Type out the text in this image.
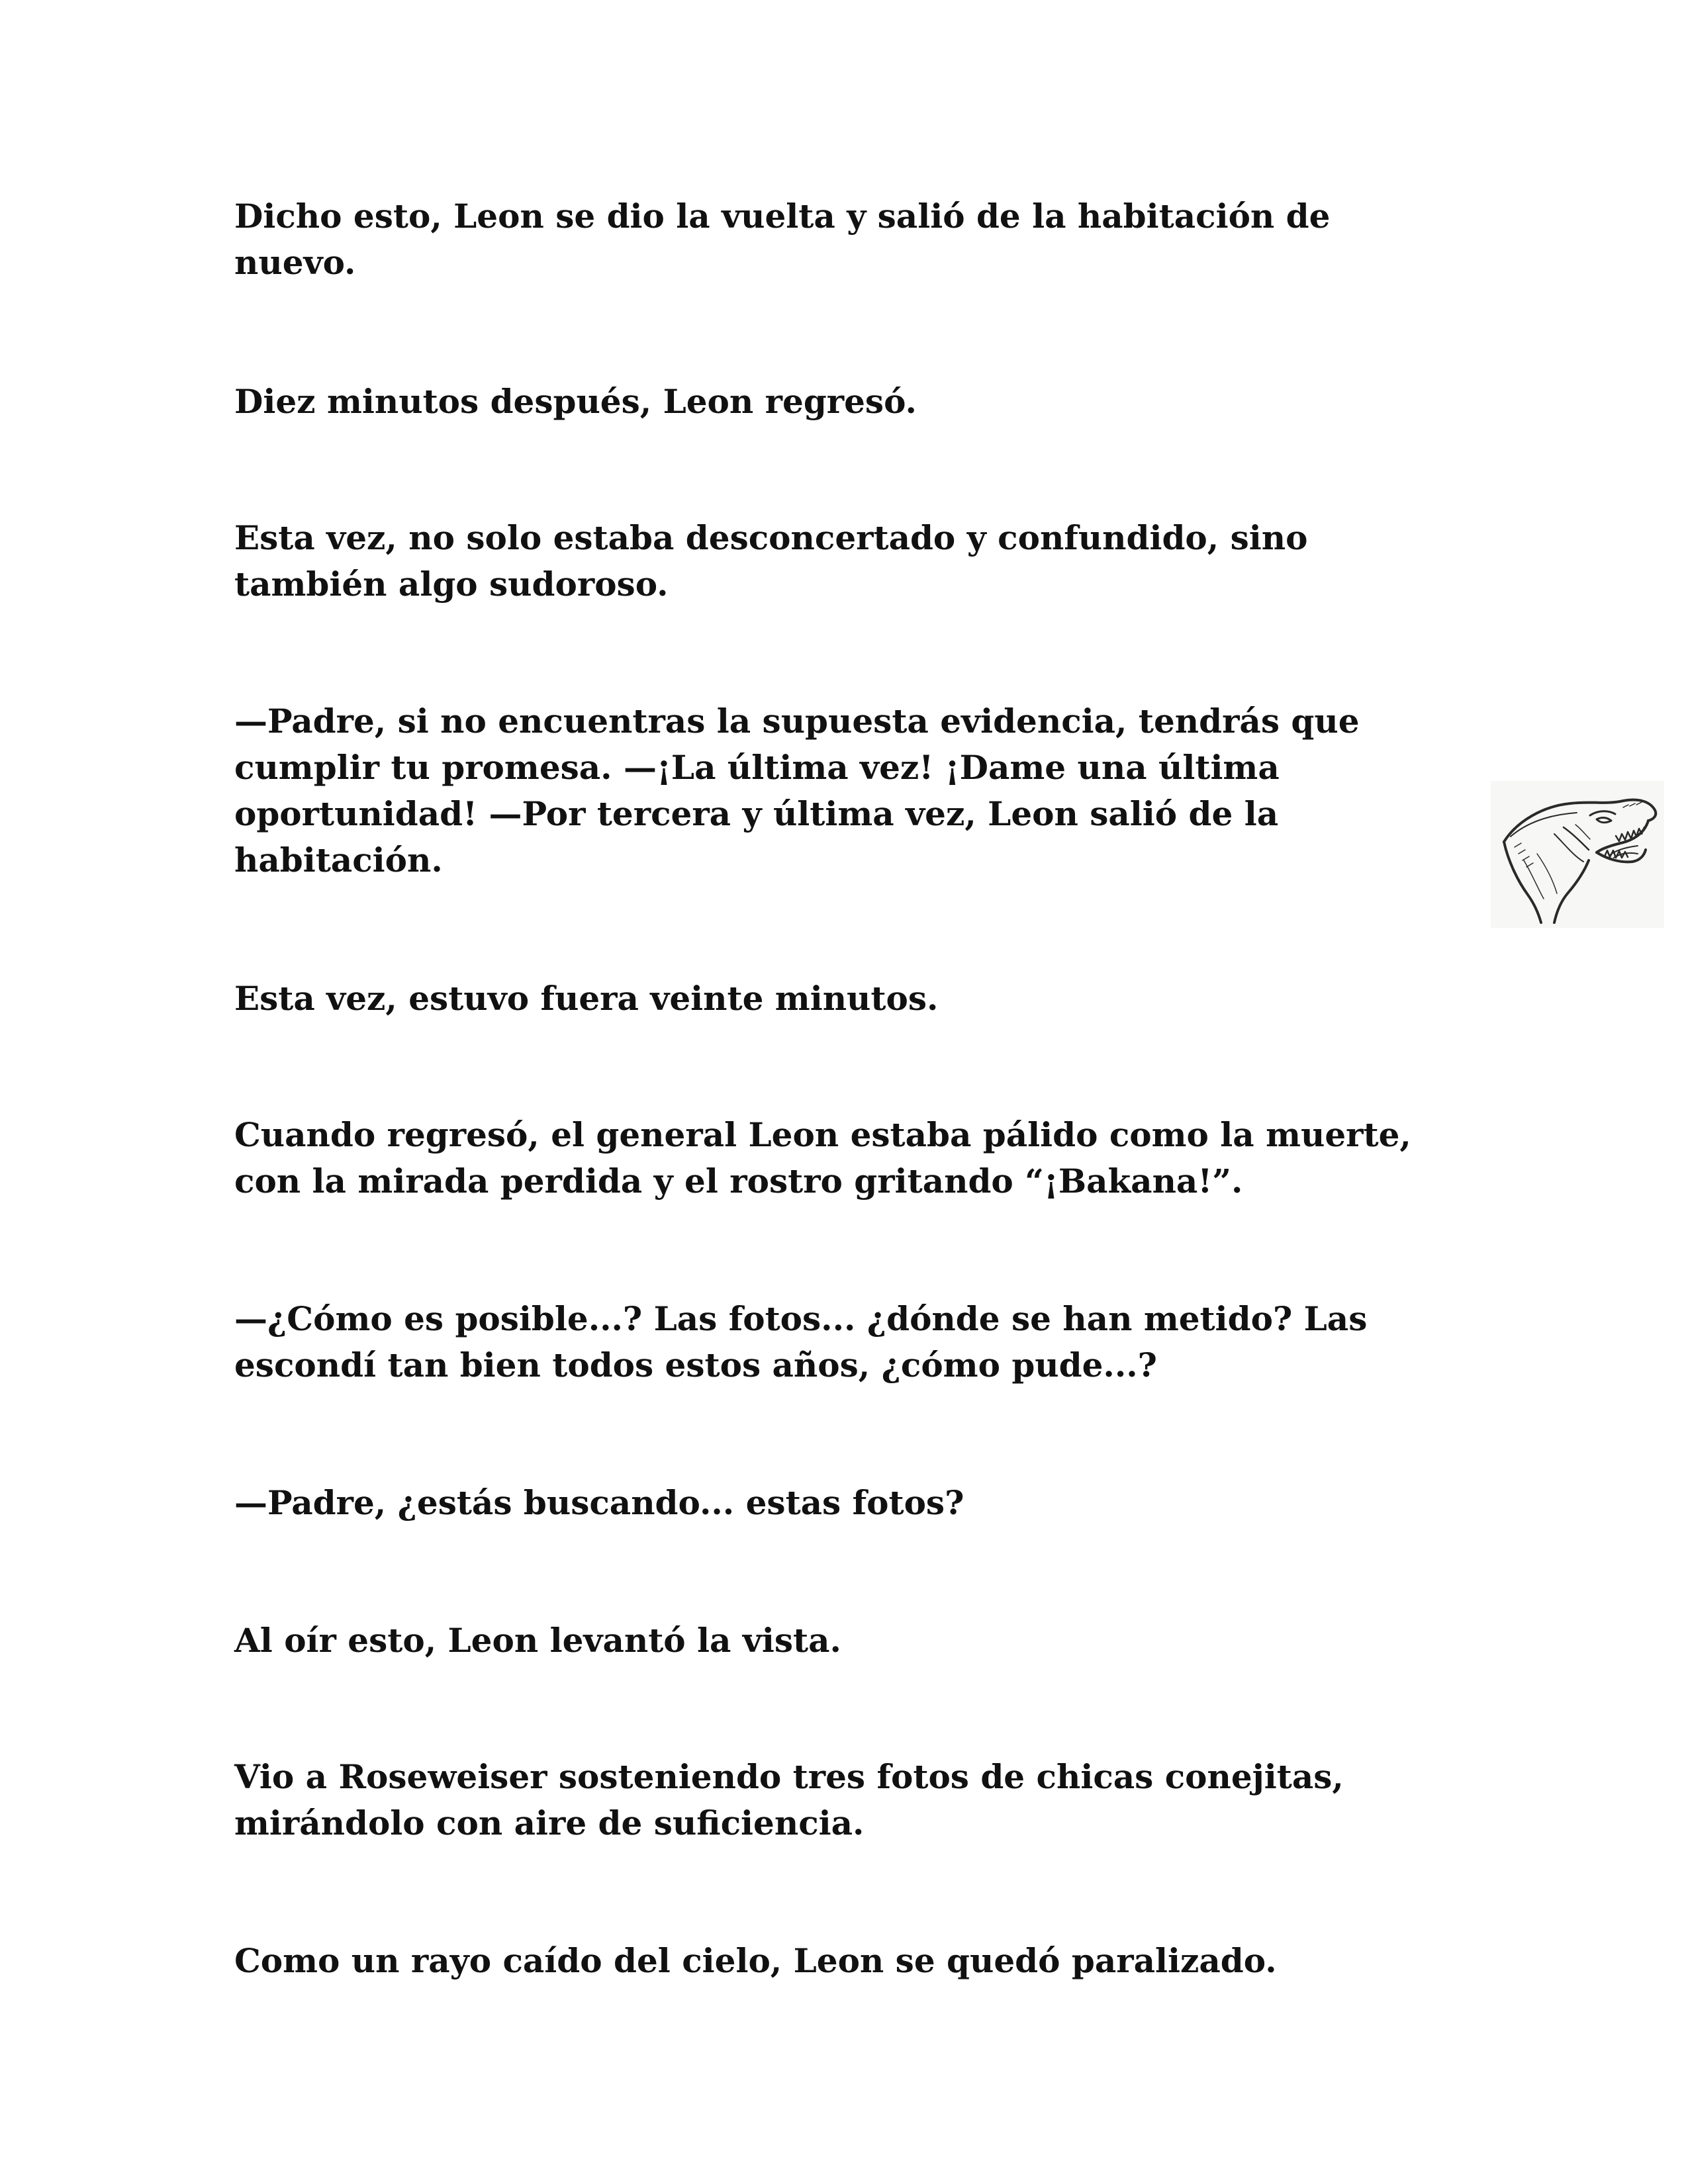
Dicho esto, Leon se dio la vuelta y salió de la habitación de
nuevo.

Diez minutos después, Leon regresó.

Esta vez, no solo estaba desconcertado y confundido, sino
también algo sudoroso.

—Padre, si no encuentras la supuesta evidencia, tendrás que
cumplir tu promesa. —¡La última vez! ¡Dame una última
oportunidad! —Por tercera y última vez, Leon salió de la
habitación.

Esta vez, estuvo fuera veinte minutos.

Cuando regresó, el general Leon estaba pálido como la muerte,
con la mirada perdida y el rostro gritando “¡Bakana!”.

—¿Cómo es posible...? Las fotos... ¿dónde se han metido? Las
escondí tan bien todos estos años, ¿cómo pude...?

—Padre, ¿estás buscando... estas fotos?

Al oír esto, Leon levantó la vista.

Vio a Roseweiser sosteniendo tres fotos de chicas conejitas,
mirándolo con aire de suficiencia.

Como un rayo caído del cielo, Leon se quedó paralizado.
